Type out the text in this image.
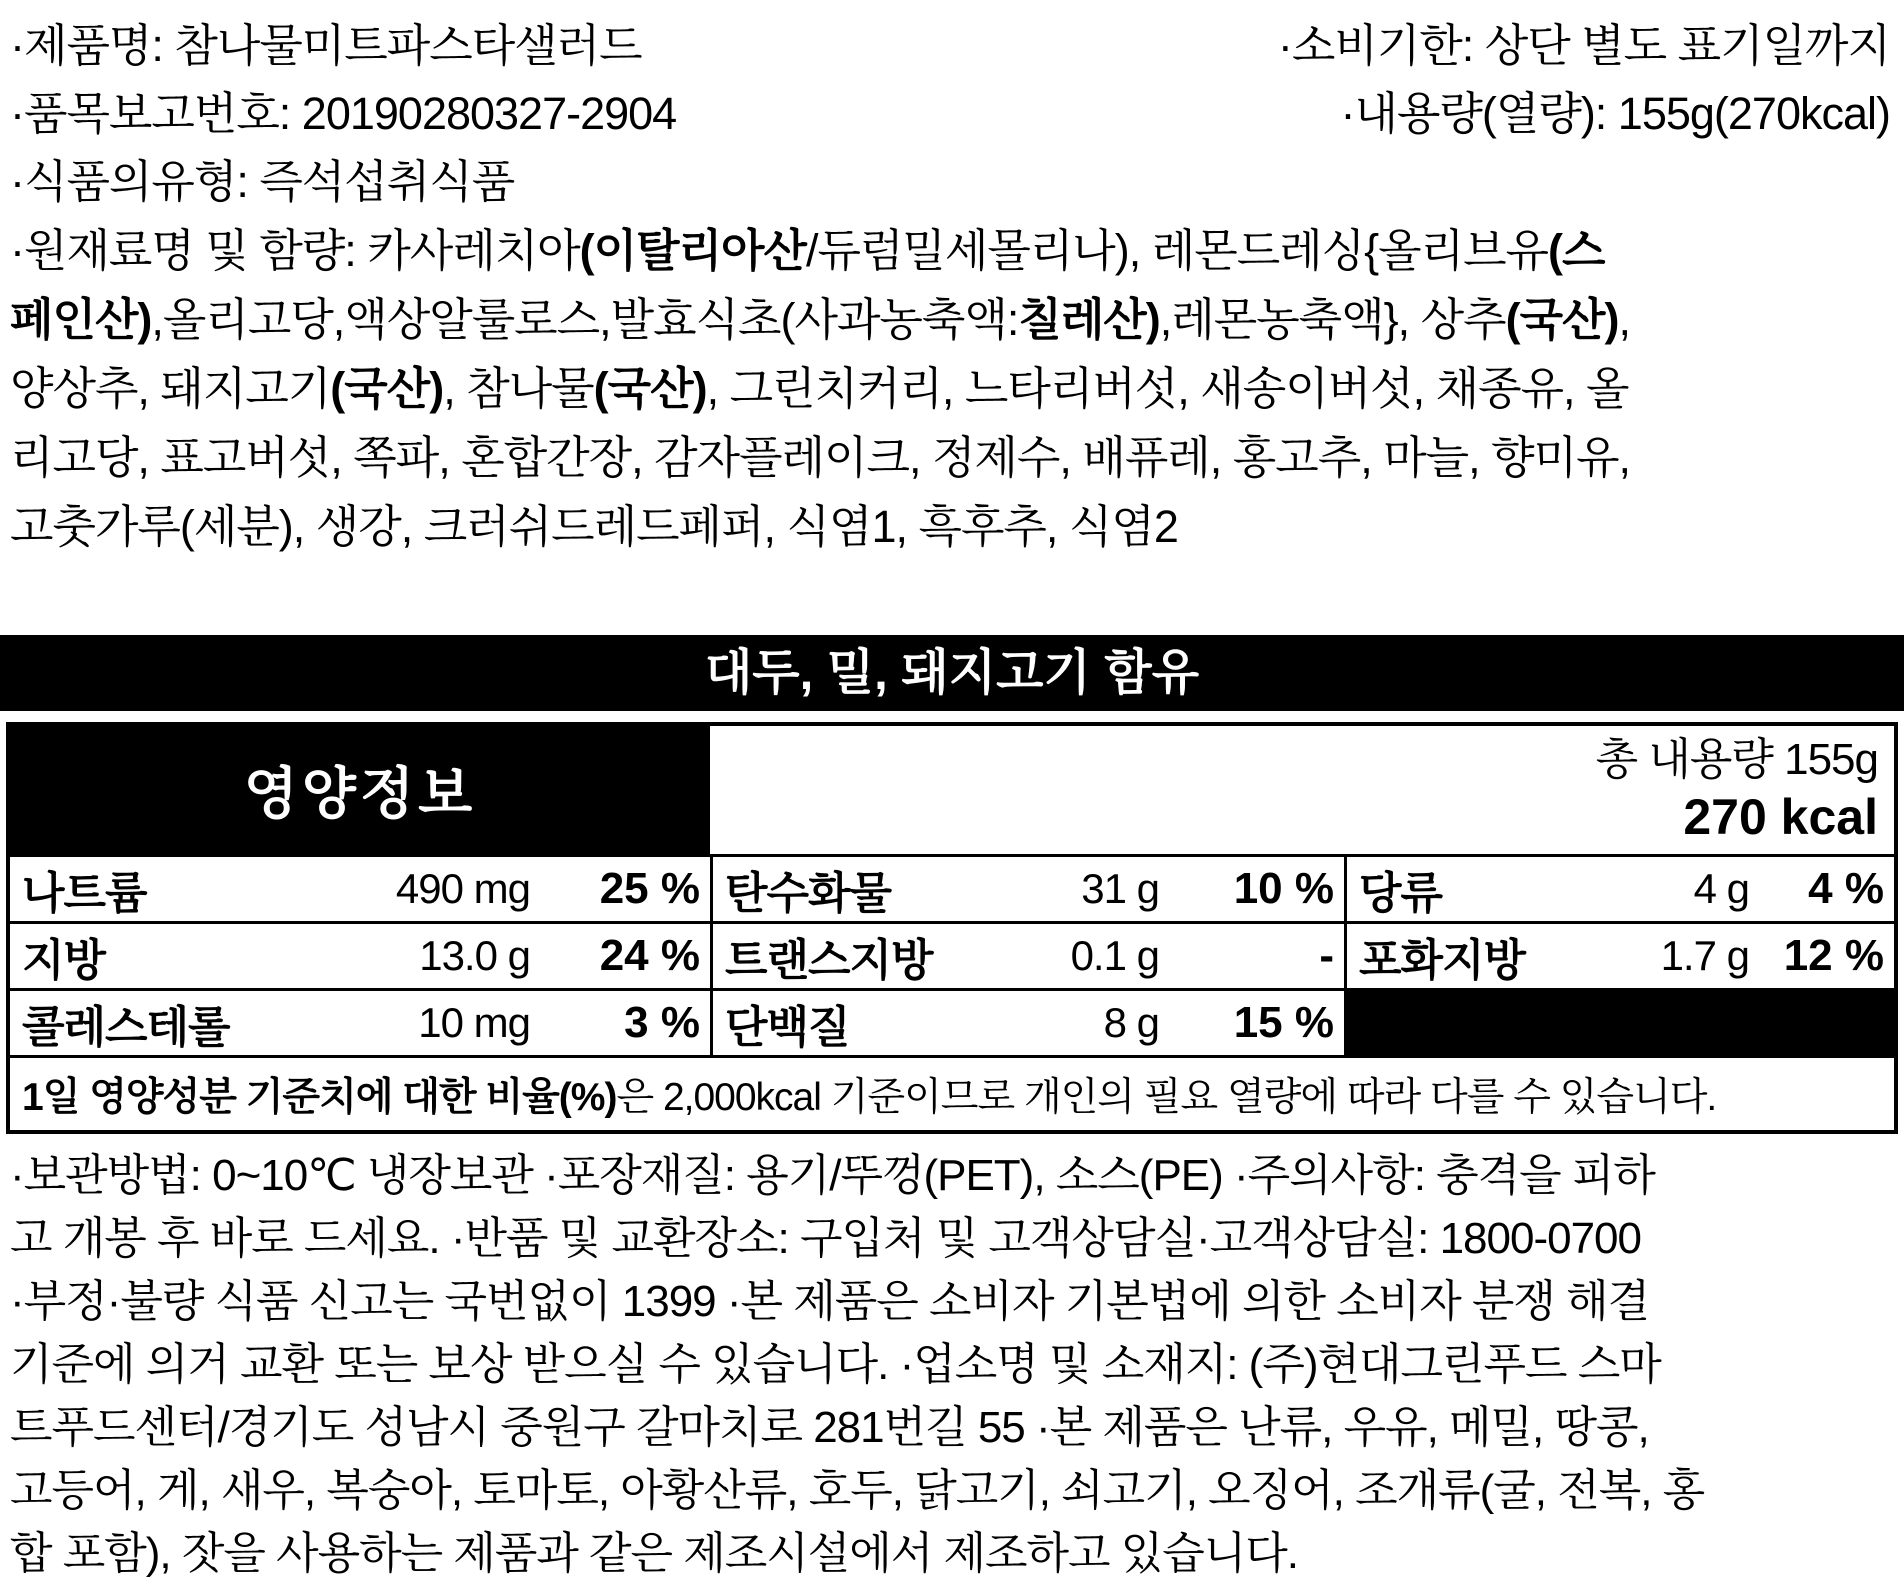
·제품명: 참나물미트파스타샐러드	·소비기한: 상단 별도 표기일까지
·품목보고번호: 20190280327-2904	·내용량(열량): 155g(270kcal)
·식품의유형: 즉석섭취식품
·원재료명 및 함량: 카사레치아(이탈리아산/듀럼밀세몰리나), 레몬드레싱{올리브유(스
페인산),올리고당,액상알룰로스,발효식초(사과농축액:칠레산),레몬농축액}, 상추(국산),
양상추, 돼지고기(국산), 참나물(국산), 그린치커리, 느타리버섯, 새송이버섯, 채종유, 올
리고당, 표고버섯, 쪽파, 혼합간장, 감자플레이크, 정제수, 배퓨레, 홍고추, 마늘, 향미유,
고춧가루(세분), 생강, 크러쉬드레드페퍼, 식염1, 흑후추, 식염2
대두, 밀, 돼지고기 함유
영양정보
총 내용량 155g
270 kcal
나트륨	490 mg	25 % 탄수화물	31 g	10 % 당류	4 g	4 %
지방	13.0 g	24 % 트랜스지방	0.1 g	- 포화지방	1.7 g 12 %
콜레스테롤	10 mg	3 % 단백질	8 g	15 %
1일 영양성분 기준치에 대한 비율(%) 은 2,000kcal 기준이므로 개인의 필요 열량에 따라 다를 수 있습니다.
·보관방법: 0~10℃ 냉장보관 ·포장재질: 용기/뚜껑(PET), 소스(PE) ·주의사항: 충격을 피하
고 개봉 후 바로 드세요. ·반품 및 교환장소: 구입처 및 고객상담실·고객상담실: 1800-0700
·부정·불량 식품 신고는 국번없이 1399 ·본 제품은 소비자 기본법에 의한 소비자 분쟁 해결
기준에 의거 교환 또는 보상 받으실 수 있습니다. ·업소명 및 소재지: (주)현대그린푸드 스마
트푸드센터/경기도 성남시 중원구 갈마치로 281번길 55 ·본 제품은 난류, 우유, 메밀, 땅콩,
고등어, 게, 새우, 복숭아, 토마토, 아황산류, 호두, 닭고기, 쇠고기, 오징어, 조개류(굴, 전복, 홍
합 포함), 잣을 사용하는 제품과 같은 제조시설에서 제조하고 있습니다.
